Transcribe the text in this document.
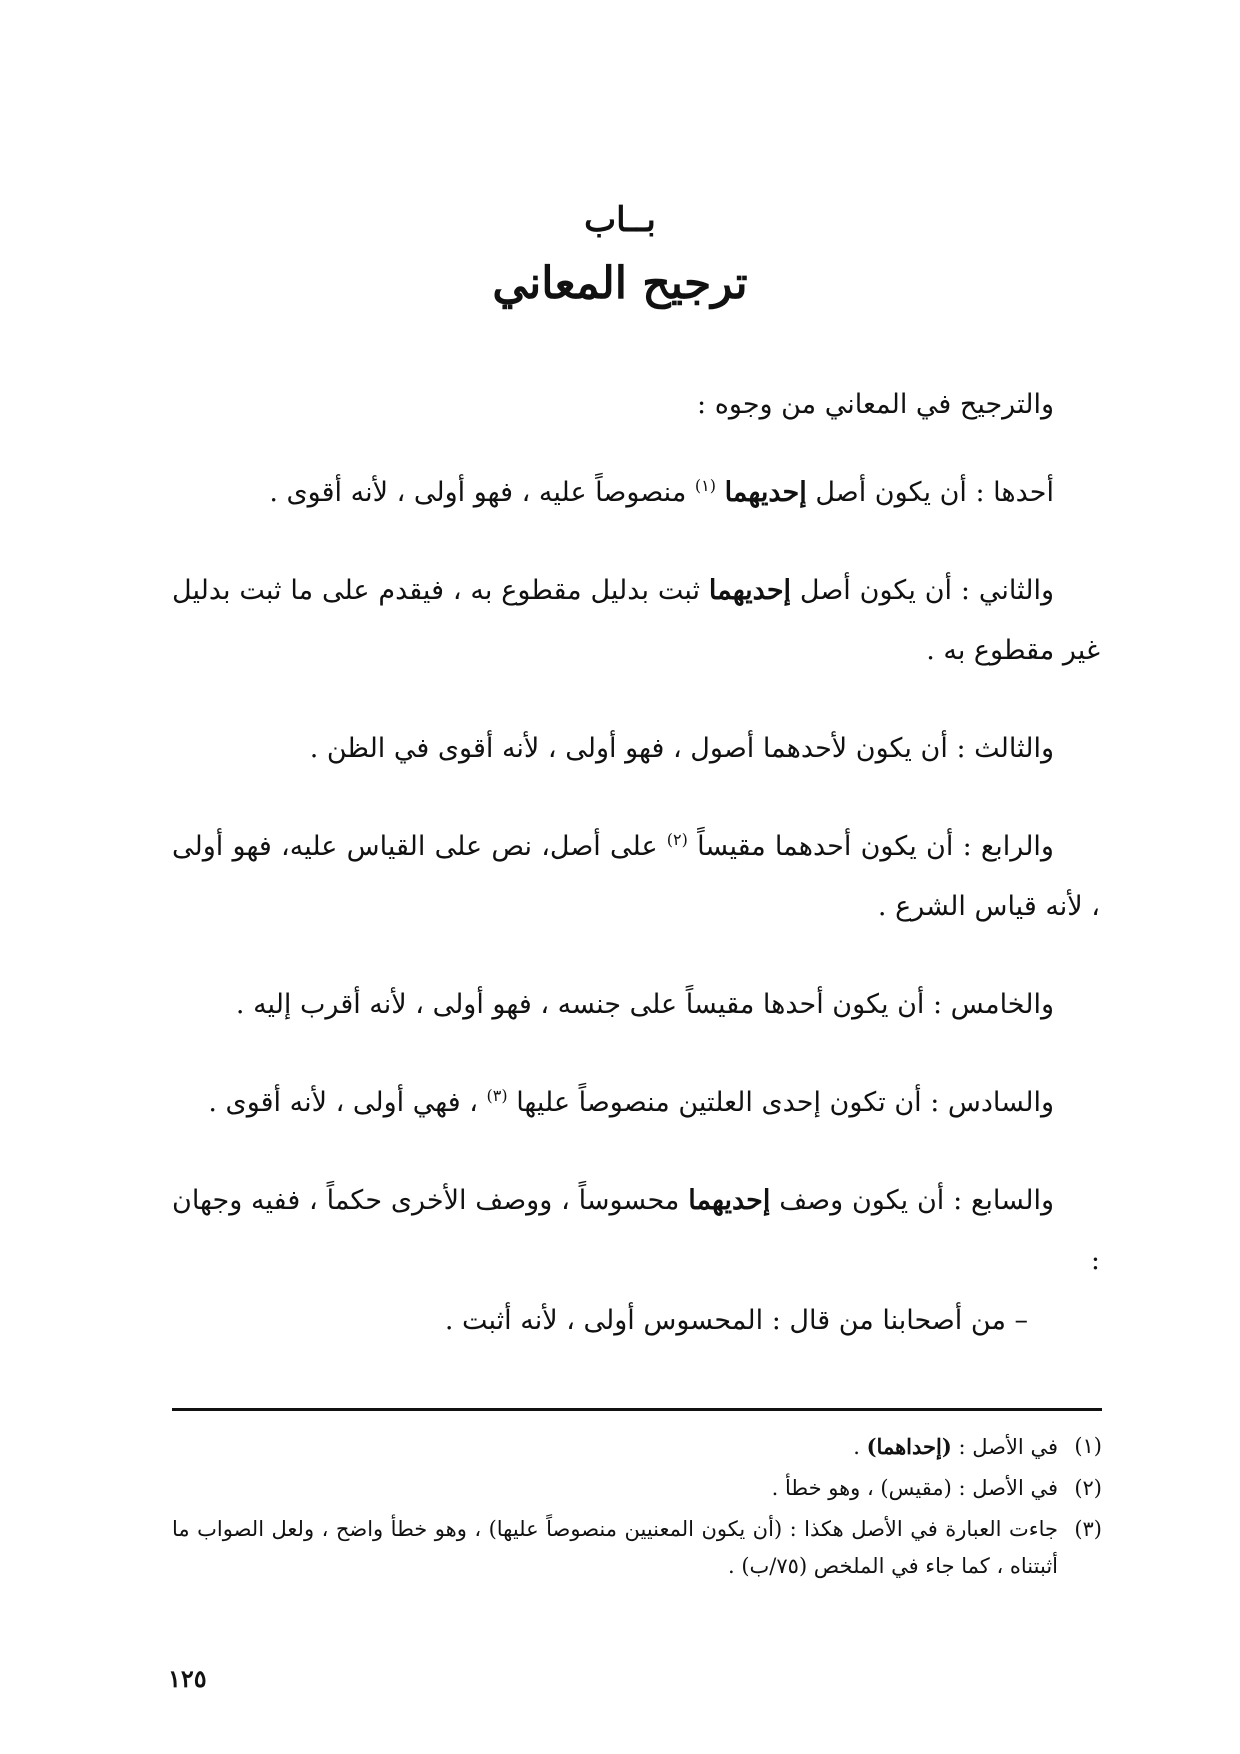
بــاب
ترجيح المعاني

والترجيح في المعاني من وجوه :

أحدها : أن يكون أصل إحديهما $^{(١)}$ منصوصاً عليه ، فهو أولى ، لأنه أقوى .

والثاني : أن يكون أصل إحديهما ثبت بدليل مقطوع به ، فيقدم على ما ثبت بدليل غير مقطوع به .

والثالث : أن يكون لأحدهما أصول ، فهو أولى ، لأنه أقوى في الظن .

والرابع : أن يكون أحدهما مقيساً $^{(٢)}$ على أصل، نص على القياس عليه، فهو أولى ، لأنه قياس الشرع .

والخامس : أن يكون أحدها مقيساً على جنسه ، فهو أولى ، لأنه أقرب إليه .

والسادس : أن تكون إحدى العلتين منصوصاً عليها $^{(٣)}$ ، فهي أولى ، لأنه أقوى .

والسابع : أن يكون وصف إحديهما محسوساً ، ووصف الأخرى حكماً ، ففيه وجهان :

– من أصحابنا من قال : المحسوس أولى ، لأنه أثبت .

(١)
في الأصل : (إحداهما) .
(٢)
في الأصل : (مقيس) ، وهو خطأ .
(٣)
جاءت العبارة في الأصل هكذا : (أن يكون المعنيين منصوصاً عليها) ، وهو خطأ واضح ، ولعل الصواب ما أثبتناه ، كما جاء في الملخص (٧٥/ب) .
١٢٥
